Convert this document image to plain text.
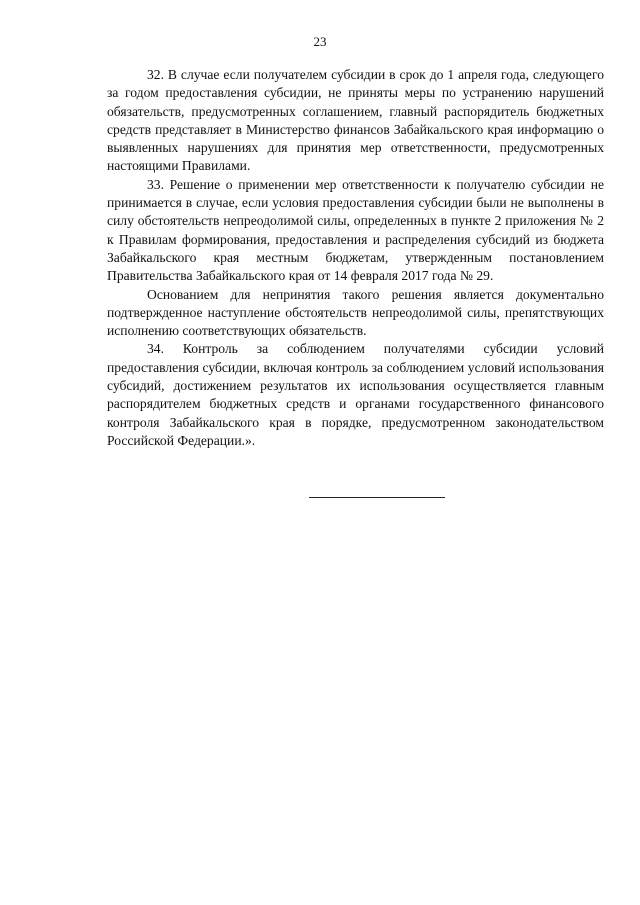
23

32. В случае если получателем субсидии в срок до 1 апреля года, следующего за годом предоставления субсидии, не приняты меры по устранению нарушений обязательств, предусмотренных соглашением, главный распорядитель бюджетных средств представляет в Министерство финансов Забайкальского края информацию о выявленных нарушениях для принятия мер ответственности, предусмотренных настоящими Правилами.

33. Решение о применении мер ответственности к получателю субсидии не принимается в случае, если условия предоставления субсидии были не выполнены в силу обстоятельств непреодолимой силы, определенных в пункте 2 приложения № 2 к Правилам формирования, предоставления и распределения субсидий из бюджета Забайкальского края местным бюджетам, утвержденным постановлением Правительства Забайкальского края от 14 февраля 2017 года № 29.

Основанием для непринятия такого решения является документально подтвержденное наступление обстоятельств непреодолимой силы, препятствующих исполнению соответствующих обязательств.

34. Контроль за соблюдением получателями субсидии условий предоставления субсидии, включая контроль за соблюдением условий использования субсидий, достижением результатов их использования осуществляется главным распорядителем бюджетных средств и органами государственного финансового контроля Забайкальского края в порядке, предусмотренном законодательством Российской Федерации.».
